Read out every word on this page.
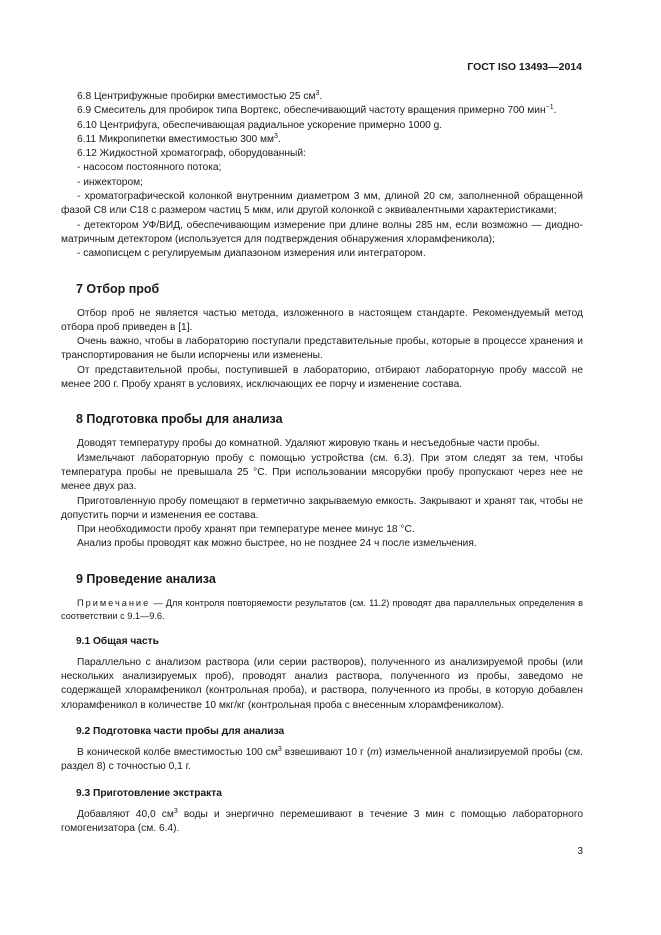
ГОСТ ISO 13493—2014

6.8 Центрифужные пробирки вместимостью 25 $см^3$.

6.9 Смеситель для пробирок типа Вортекс, обеспечивающий частоту вращения примерно 700 мин$^{-1}$.

6.10 Центрифуга, обеспечивающая радиальное ускорение примерно 1000 g.

6.11 Микропипетки вместимостью 300 $мм^3$.

6.12 Жидкостной хроматограф, оборудованный:

- насосом постоянного потока;

- инжектором;

- хроматографической колонкой внутренним диаметром 3 мм, длиной 20 см, заполненной обращенной фазой С8 или С18 с размером частиц 5 мкм, или другой колонкой с эквивалентными характеристиками;

- детектором УФ/ВИД, обеспечивающим измерение при длине волны 285 нм, если возможно — диодно-матричным детектором (используется для подтверждения обнаружения хлорамфеникола);

- самописцем с регулируемым диапазоном измерения или интегратором.

7 Отбор проб

Отбор проб не является частью метода, изложенного в настоящем стандарте. Рекомендуемый метод отбора проб приведен в [1].

Очень важно, чтобы в лабораторию поступали представительные пробы, которые в процессе хранения и транспортирования не были испорчены или изменены.

От представительной пробы, поступившей в лабораторию, отбирают лабораторную пробу массой не менее 200 г. Пробу хранят в условиях, исключающих ее порчу и изменение состава.

8 Подготовка пробы для анализа

Доводят температуру пробы до комнатной. Удаляют жировую ткань и несъедобные части пробы.

Измельчают лабораторную пробу с помощью устройства (см. 6.3). При этом следят за тем, чтобы температура пробы не превышала 25 °С. При использовании мясорубки пробу пропускают через нее не менее двух раз.

Приготовленную пробу помещают в герметично закрываемую емкость. Закрывают и хранят так, чтобы не допустить порчи и изменения ее состава.

При необходимости пробу хранят при температуре менее минус 18 °С.

Анализ пробы проводят как можно быстрее, но не позднее 24 ч после измельчения.

9 Проведение анализа

Примечание — Для контроля повторяемости результатов (см. 11.2) проводят два параллельных определения в соответствии с 9.1—9.6.

9.1 Общая часть

Параллельно с анализом раствора (или серии растворов), полученного из анализируемой пробы (или нескольких анализируемых проб), проводят анализ раствора, полученного из пробы, заведомо не содержащей хлорамфеникол (контрольная проба), и раствора, полученного из пробы, в которую добавлен хлорамфеникол в количестве 10 мкг/кг (контрольная проба с внесенным хлорамфениколом).

9.2 Подготовка части пробы для анализа

В конической колбе вместимостью 100 $см^3$ взвешивают 10 г (m) измельченной анализируемой пробы (см. раздел 8) с точностью 0,1 г.

9.3 Приготовление экстракта

Добавляют 40,0 $см^3$ воды и энергично перемешивают в течение 3 мин с помощью лабораторного гомогенизатора (см. 6.4).

3
